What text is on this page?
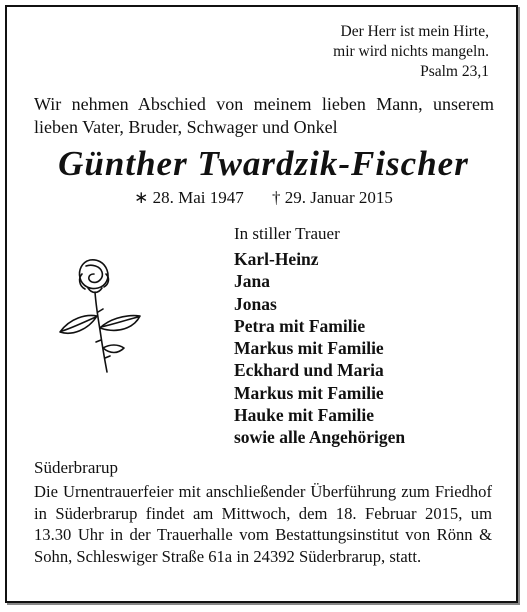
Der Herr ist mein Hirte,
mir wird nichts mangeln.
Psalm 23,1
Wir nehmen Abschied von meinem lieben Mann, unserem lieben Vater, Bruder, Schwager und Onkel
Günther Twardzik-Fischer
∗ 28. Mai 1947 † 29. Januar 2015
In stiller Trauer
Karl-Heinz
Jana
Jonas
Petra mit Familie
Markus mit Familie
Eckhard und Maria
Markus mit Familie
Hauke mit Familie
sowie alle Angehörigen
Süderbrarup

Die Urnentrauerfeier mit anschließender Überführung zum Friedhof in Süderbrarup findet am Mittwoch, dem 18. Februar 2015, um 13.30 Uhr in der Trauerhalle vom Bestattungsinstitut von Rönn & Sohn, Schleswiger Straße 61a in 24392 Süderbrarup, statt.
